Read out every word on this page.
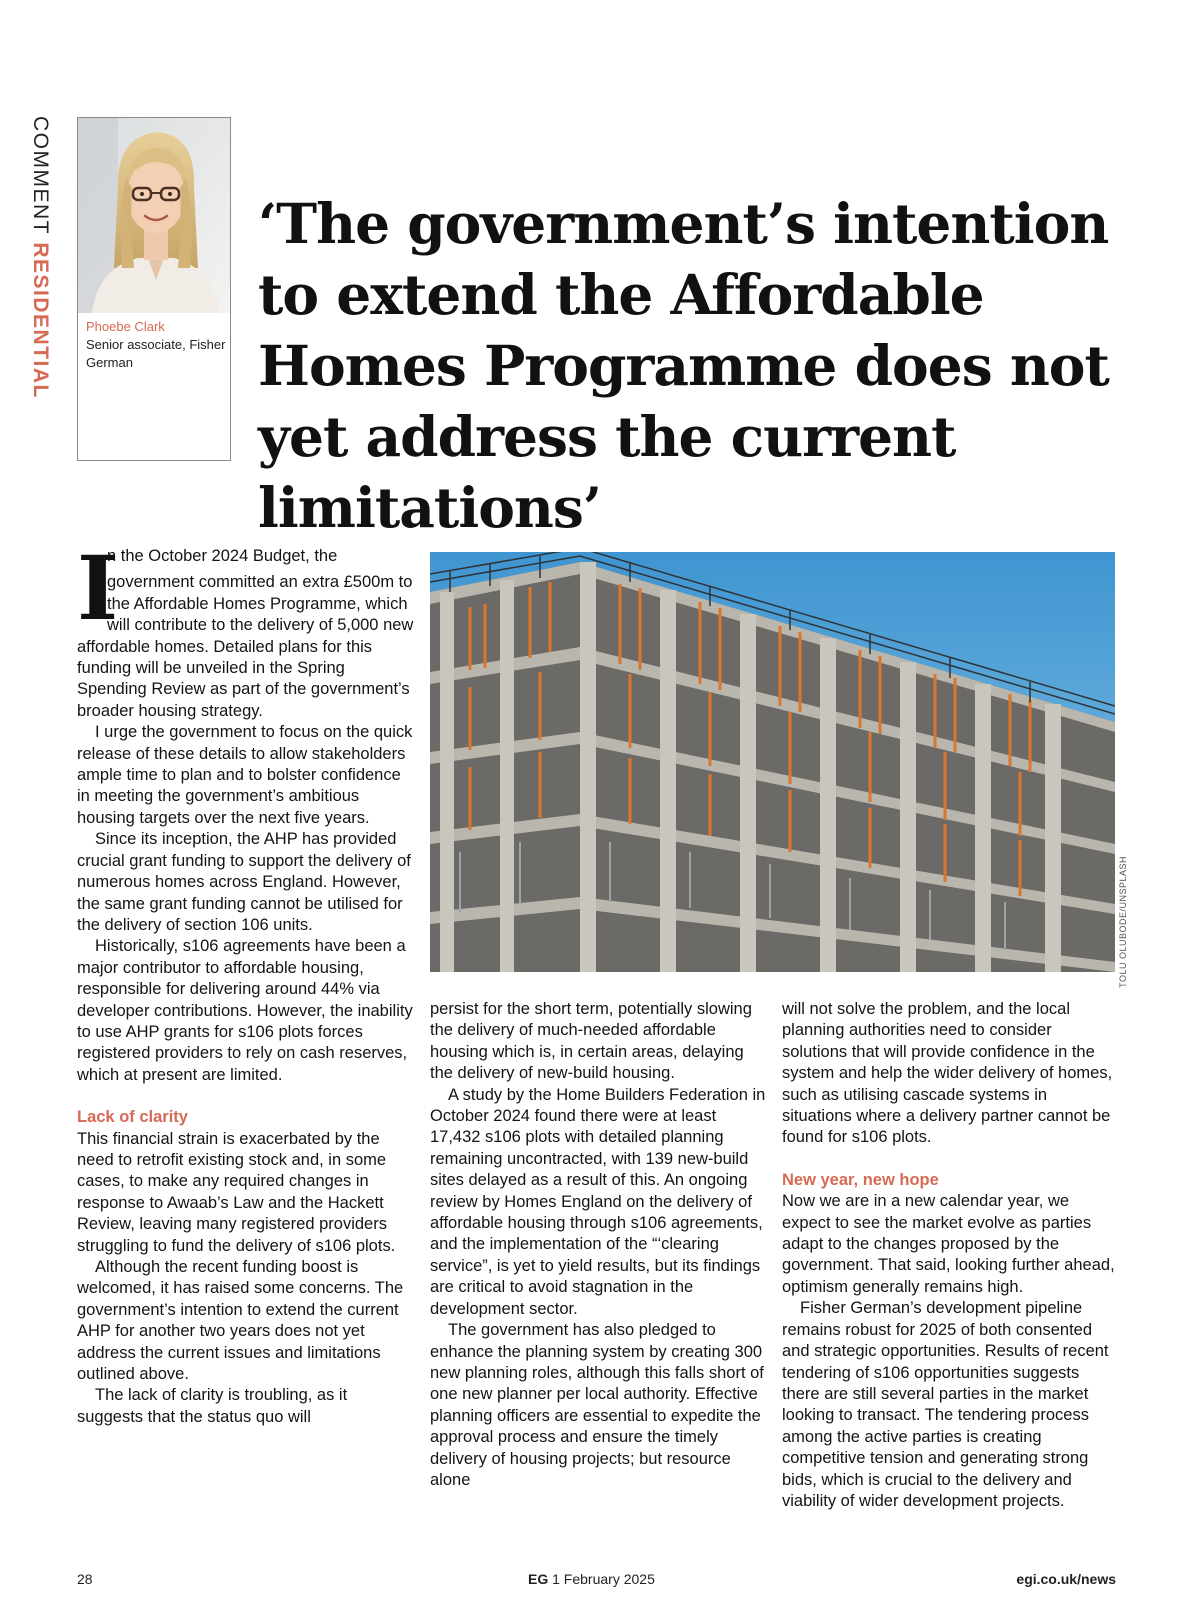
COMMENT RESIDENTIAL	Phoebe Clark
Senior associate, Fisher German
‘The government’s intention to extend the Affordable Homes Programme does not yet address the current limitations’
I

In the October 2024 Budget, the government committed an extra £500m to the Affordable Homes Programme, which will contribute to the delivery of 5,000 new affordable homes. Detailed plans for this funding will be unveiled in the Spring Spending Review as part of the government’s broader housing strategy.

I urge the government to focus on the quick release of these details to allow stakeholders ample time to plan and to bolster confidence in meeting the government’s ambitious housing targets over the next five years.

Since its inception, the AHP has provided crucial grant funding to support the delivery of numerous homes across England. However, the same grant funding cannot be utilised for the delivery of section 106 units.

Historically, s106 agreements have been a major contributor to affordable housing, responsible for delivering around 44% via developer contributions. However, the inability to use AHP grants for s106 plots forces registered providers to rely on cash reserves, which at present are limited.

Lack of clarity

This financial strain is exacerbated by the need to retrofit existing stock and, in some cases, to make any required changes in response to Awaab’s Law and the Hackett Review, leaving many registered providers struggling to fund the delivery of s106 plots.

Although the recent funding boost is welcomed, it has raised some concerns. The government’s intention to extend the current AHP for another two years does not yet address the current issues and limitations outlined above.

The lack of clarity is troubling, as it suggests that the status quo will

TOLU OLUBODE/UNSPLASH

persist for the short term, potentially slowing the delivery of much-needed affordable housing which is, in certain areas, delaying the delivery of new-build housing.

A study by the Home Builders Federation in October 2024 found there were at least 17,432 s106 plots with detailed planning remaining uncontracted, with 139 new-build sites delayed as a result of this. An ongoing review by Homes England on the delivery of affordable housing through s106 agreements, and the implementation of the “‘clearing service”, is yet to yield results, but its findings are critical to avoid stagnation in the development sector.

The government has also pledged to enhance the planning system by creating 300 new planning roles, although this falls short of one new planner per local authority. Effective planning officers are essential to expedite the approval process and ensure the timely delivery of housing projects; but resource alone

will not solve the problem, and the local planning authorities need to consider solutions that will provide confidence in the system and help the wider delivery of homes, such as utilising cascade systems in situations where a delivery partner cannot be found for s106 plots.

New year, new hope

Now we are in a new calendar year, we expect to see the market evolve as parties adapt to the changes proposed by the government. That said, looking further ahead, optimism generally remains high.

Fisher German’s development pipeline remains robust for 2025 of both consented and strategic opportunities. Results of recent tendering of s106 opportunities suggests there are still several parties in the market looking to transact. The tendering process among the active parties is creating competitive tension and generating strong bids, which is crucial to the delivery and viability of wider development projects.

28	EG 1 February 2025	egi.co.uk/news
